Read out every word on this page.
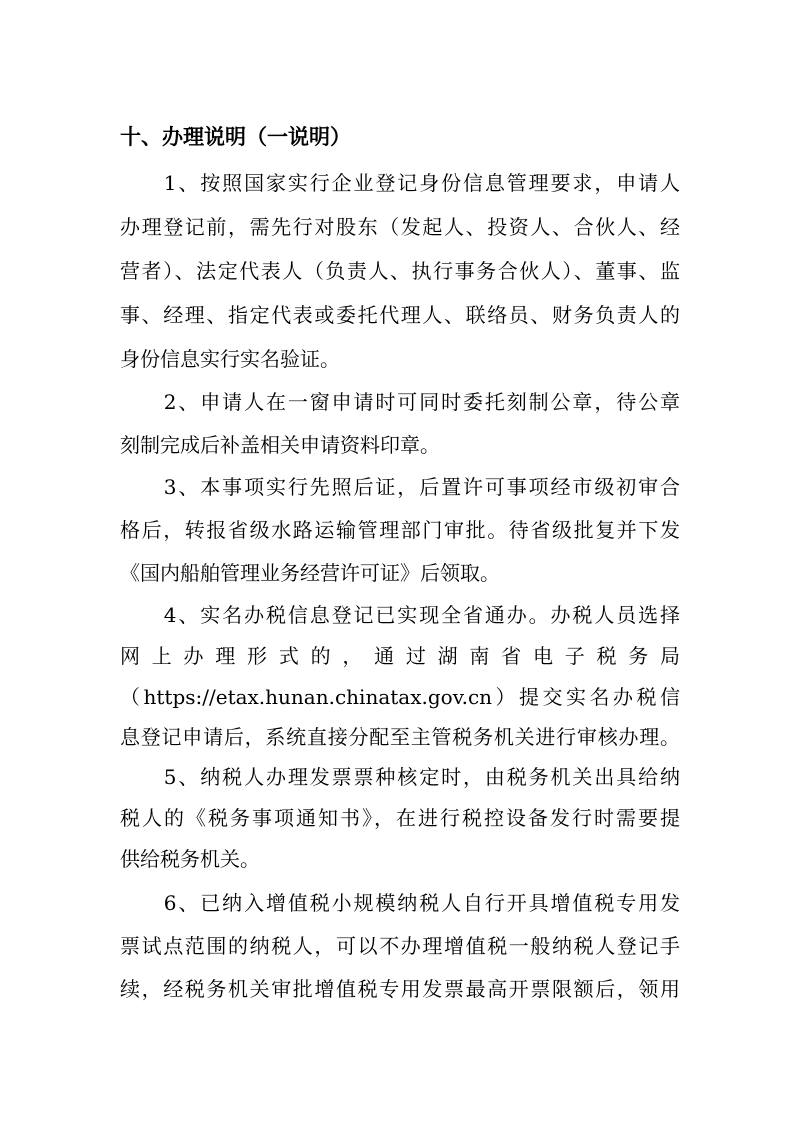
十、办理说明（一说明）

　　1、按照国家实行企业登记身份信息管理要求，申请人

办理登记前，需先行对股东（发起人、投资人、合伙人、经

营者）、法定代表人（负责人、执行事务合伙人）、董事、监

事、经理、指定代表或委托代理人、联络员、财务负责人的

身份信息实行实名验证。

　　2、申请人在一窗申请时可同时委托刻制公章，待公章

刻制完成后补盖相关申请资料印章。

　　3、本事项实行先照后证，后置许可事项经市级初审合

格后，转报省级水路运输管理部门审批。待省级批复并下发

《国内船舶管理业务经营许可证》后领取。

　　4、实名办税信息登记已实现全省通办。办税人员选择

网 上 办 理 形 式 的 ， 通 过 湖 南 省 电 子 税 务 局

（https://etax.hunan.chinatax.gov.cn）提交实名办税信

息登记申请后，系统直接分配至主管税务机关进行审核办理。

　　5、纳税人办理发票票种核定时，由税务机关出具给纳

税人的《税务事项通知书》，在进行税控设备发行时需要提

供给税务机关。

　　6、已纳入增值税小规模纳税人自行开具增值税专用发

票试点范围的纳税人，可以不办理增值税一般纳税人登记手

续，经税务机关审批增值税专用发票最高开票限额后，领用
